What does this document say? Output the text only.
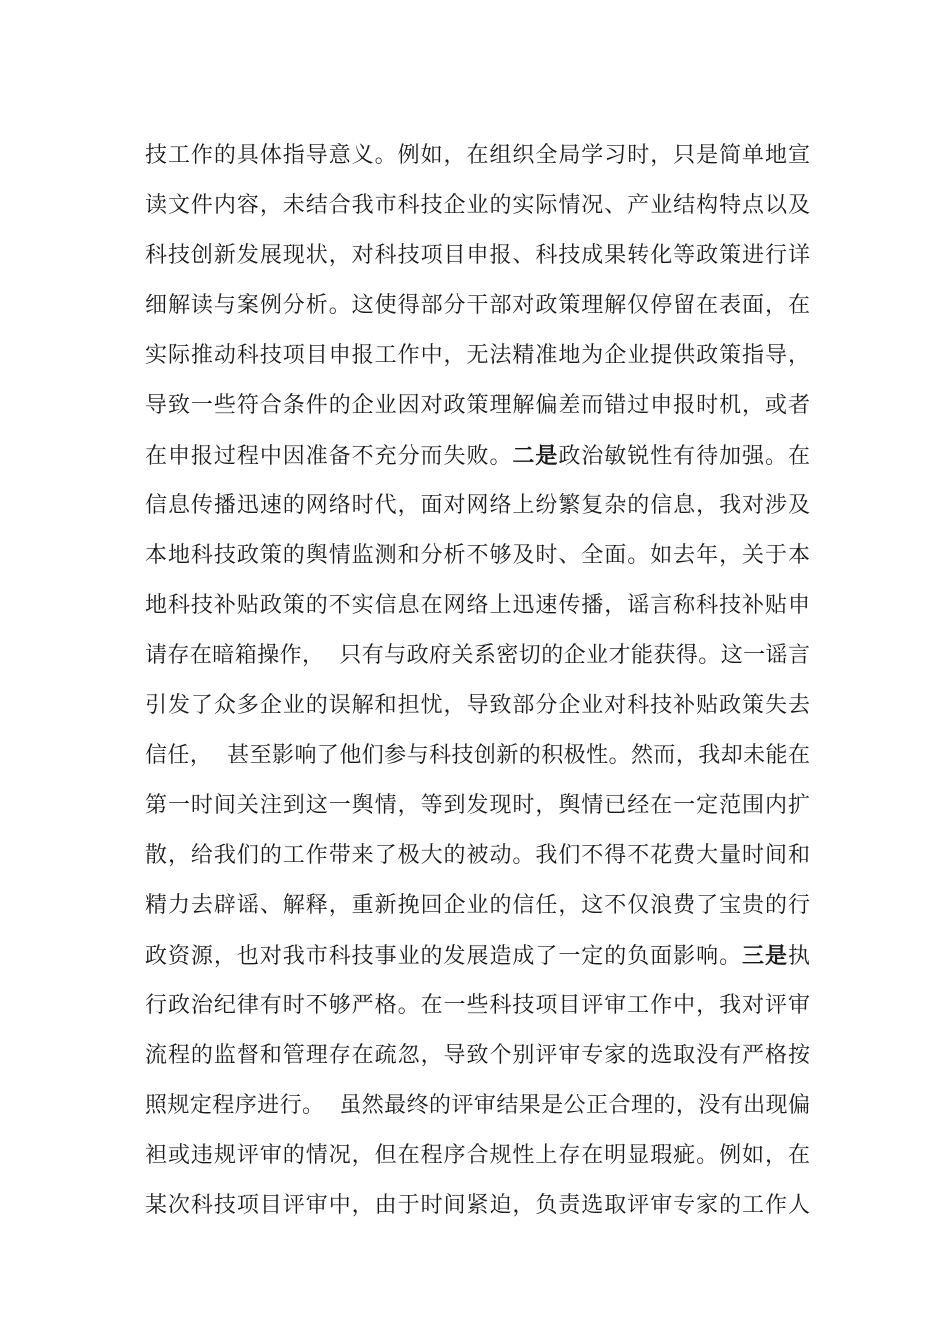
技工作的具体指导意义。例如，在组织全局学习时，只是简单地宣
读文件内容，未结合我市科技企业的实际情况、产业结构特点以及
科技创新发展现状，对科技项目申报、科技成果转化等政策进行详
细解读与案例分析。这使得部分干部对政策理解仅停留在表面，在
实际推动科技项目申报工作中，无法精准地为企业提供政策指导，
导致一些符合条件的企业因对政策理解偏差而错过申报时机，或者
在申报过程中因准备不充分而失败。二是政治敏锐性有待加强。在
信息传播迅速的网络时代，面对网络上纷繁复杂的信息，我对涉及
本地科技政策的舆情监测和分析不够及时、全面。如去年，关于本
地科技补贴政策的不实信息在网络上迅速传播，谣言称科技补贴申
请存在暗箱操作，  只有与政府关系密切的企业才能获得。这一谣言
引发了众多企业的误解和担忧，导致部分企业对科技补贴政策失去
信任，  甚至影响了他们参与科技创新的积极性。然而，我却未能在
第一时间关注到这一舆情，等到发现时，舆情已经在一定范围内扩
散，给我们的工作带来了极大的被动。我们不得不花费大量时间和
精力去辟谣、解释，重新挽回企业的信任，这不仅浪费了宝贵的行
政资源，也对我市科技事业的发展造成了一定的负面影响。三是执
行政治纪律有时不够严格。在一些科技项目评审工作中，我对评审
流程的监督和管理存在疏忽，导致个别评审专家的选取没有严格按
照规定程序进行。  虽然最终的评审结果是公正合理的，没有出现偏
袒或违规评审的情况，但在程序合规性上存在明显瑕疵。例如，在
某次科技项目评审中，由于时间紧迫，负责选取评审专家的工作人
